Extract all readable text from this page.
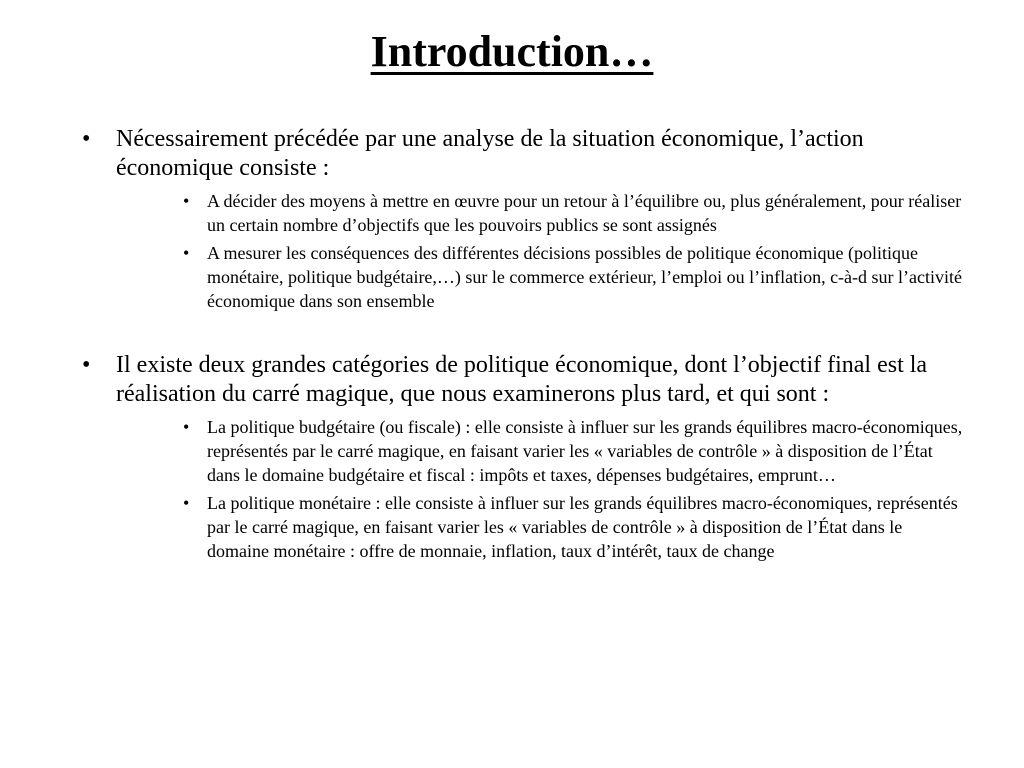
Introduction…
•	Nécessairement précédée par une analyse de la situation économique, l’action économique consiste :
• A décider des moyens à mettre en œuvre pour un retour à l’équilibre ou, plus généralement, pour réaliser un certain nombre d’objectifs que les pouvoirs publics se sont assignés
• A mesurer les conséquences des différentes décisions possibles de politique économique (politique monétaire, politique budgétaire,…) sur le commerce extérieur, l’emploi ou l’inflation, c-à-d sur l’activité économique dans son ensemble
•	Il existe deux grandes catégories de politique économique, dont l’objectif final est la réalisation du carré magique, que nous examinerons plus tard, et qui sont :
• La politique budgétaire (ou fiscale) : elle consiste à influer sur les grands équilibres macro-économiques, représentés par le carré magique, en faisant varier les « variables de contrôle » à disposition de l’État dans le domaine budgétaire et fiscal : impôts et taxes, dépenses budgétaires, emprunt…
• La politique monétaire : elle consiste à influer sur les grands équilibres macro-économiques, représentés par le carré magique, en faisant varier les « variables de contrôle » à disposition de l’État dans le domaine monétaire : offre de monnaie, inflation, taux d’intérêt, taux de change
